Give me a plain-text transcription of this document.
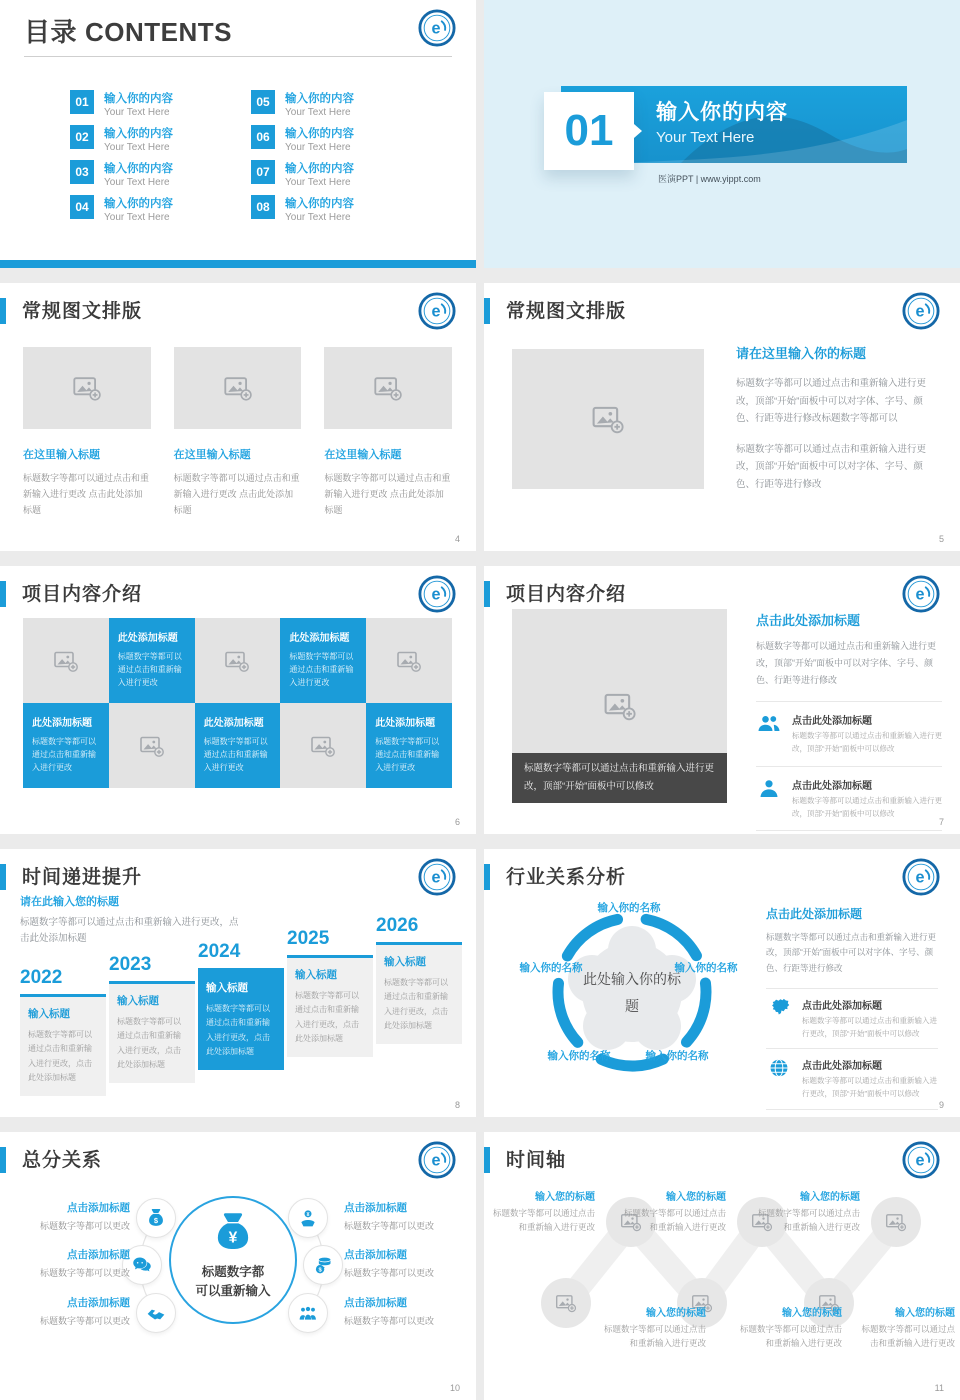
目录 CONTENTS	e
01	输入你的内容
Your Text Here
02	输入你的内容
Your Text Here
03	输入你的内容
Your Text Here
04	输入你的内容
Your Text Here
05	输入你的内容
Your Text Here
06	输入你的内容
Your Text Here
07	输入你的内容
Your Text Here
08	输入你的内容
Your Text Here
输入你的内容
Your Text Here
01
医演PPT | www.yippt.com
常规图文排版	e
在这里输入标题
标题数字等都可以通过点击和重新输入进行更改 点击此处添加标题
在这里输入标题
标题数字等都可以通过点击和重新输入进行更改 点击此处添加标题
在这里输入标题
标题数字等都可以通过点击和重新输入进行更改 点击此处添加标题
4
常规图文排版	e
请在这里输入你的标题

标题数字等都可以通过点击和重新输入进行更改，顶部“开始”面板中可以对字体、字号、颜色、行距等进行修改标题数字等都可以

标题数字等都可以通过点击和重新输入进行更改，顶部“开始”面板中可以对字体、字号、颜色、行距等进行修改

5
项目内容介绍	e
此处添加标题
标题数字等都可以通过点击和重新输入进行更改
此处添加标题
标题数字等都可以通过点击和重新输入进行更改
此处添加标题
标题数字等都可以通过点击和重新输入进行更改
此处添加标题
标题数字等都可以通过点击和重新输入进行更改
此处添加标题
标题数字等都可以通过点击和重新输入进行更改
6
项目内容介绍	e
标题数字等都可以通过点击和重新输入进行更改，顶部“开始”面板中可以修改
点击此处添加标题
标题数字等都可以通过点击和重新输入进行更改，顶部“开始”面板中可以对字体、字号、颜色、行距等进行修改
点击此处添加标题
标题数字等都可以通过点击和重新输入进行更改，顶部“开始”面板中可以修改
点击此处添加标题
标题数字等都可以通过点击和重新输入进行更改，顶部“开始”面板中可以修改
7
时间递进提升	e
请在此输入您的标题
标题数字等都可以通过点击和重新输入进行更改，点击此处添加标题
2022
输入标题
标题数字等都可以通过点击和重新输入进行更改，点击此处添加标题
2023
输入标题
标题数字等都可以通过点击和重新输入进行更改，点击此处添加标题
2024
输入标题
标题数字等都可以通过点击和重新输入进行更改，点击此处添加标题
2025
输入标题
标题数字等都可以通过点击和重新输入进行更改，点击此处添加标题
2026
输入标题
标题数字等都可以通过点击和重新输入进行更改，点击此处添加标题
8
行业关系分析	e
此处输入你的标题
输入你的名称
输入你的名称	输入你的名称
输入你的名称	输入你的名称
点击此处添加标题
标题数字等都可以通过点击和重新输入进行更改，顶部“开始”面板中可以对字体、字号、颜色、行距等进行修改
点击此处添加标题
标题数字等都可以通过点击和重新输入进行更改，顶部“开始”面板中可以修改
点击此处添加标题
标题数字等都可以通过点击和重新输入进行更改，顶部“开始”面板中可以修改
9
总分关系	e
¥
标题数字都
可以重新输入
$
¥
$
点击添加标题
标题数字等都可以更改
点击添加标题
标题数字等都可以更改
点击添加标题
标题数字等都可以更改
点击添加标题
标题数字等都可以更改
点击添加标题
标题数字等都可以更改
点击添加标题
标题数字等都可以更改
10
时间轴	e
输入您的标题
标题数字等都可以通过点击和重新输入进行更改
输入您的标题
标题数字等都可以通过点击和重新输入进行更改
输入您的标题
标题数字等都可以通过点击和重新输入进行更改
输入您的标题
标题数字等都可以通过点击和重新输入进行更改
输入您的标题
标题数字等都可以通过点击和重新输入进行更改
输入您的标题
标题数字等都可以通过点击和重新输入进行更改
11
